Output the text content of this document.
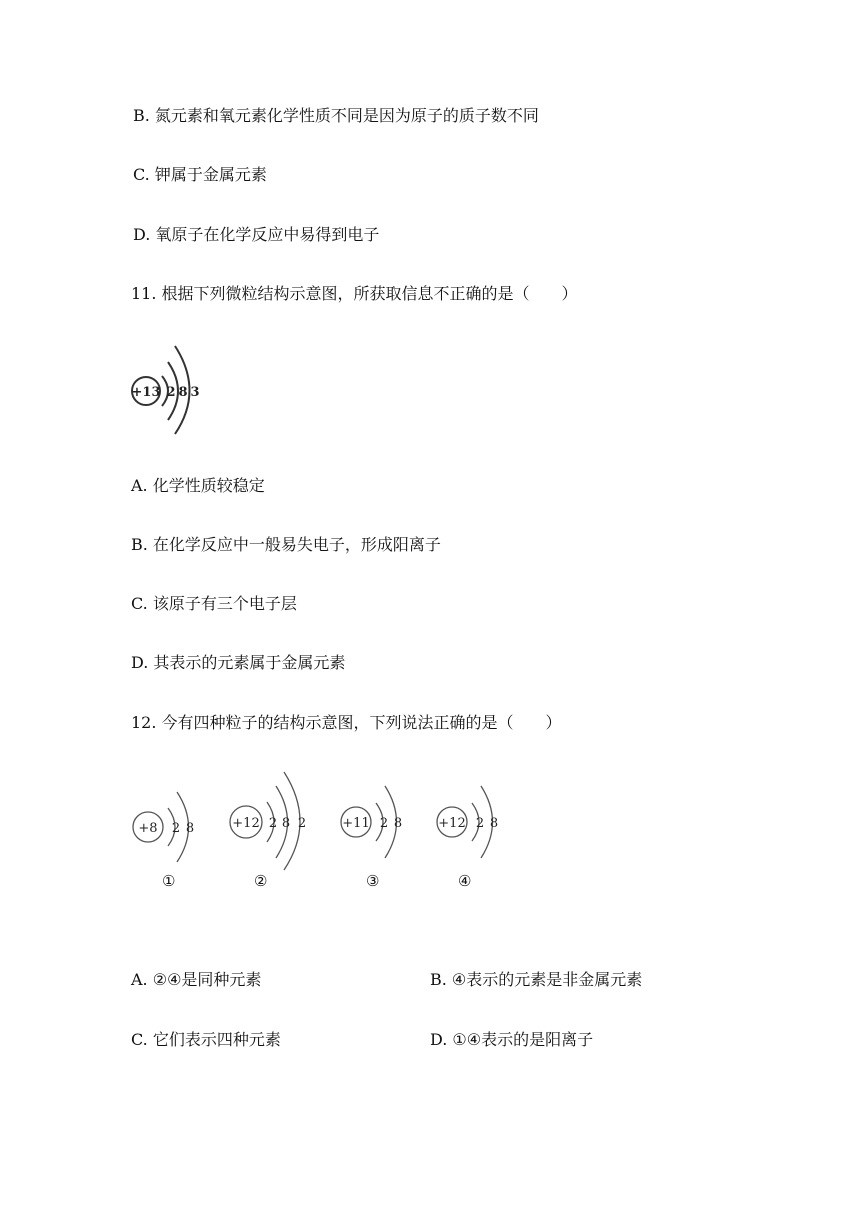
B. 氮元素和氧元素化学性质不同是因为原子的质子数不同
C. 钾属于金属元素
D. 氧原子在化学反应中易得到电子
11. 根据下列微粒结构示意图，所获取信息不正确的是（　　）
+13 2 8 3
A. 化学性质较稳定
B. 在化学反应中一般易失电子，形成阳离子
C. 该原子有三个电子层
D. 其表示的元素属于金属元素
12. 今有四种粒子的结构示意图，下列说法正确的是（　　）
+8 2 8	+12 2 8 2	+11 2 8	+12 2 8
①	②	③	④
A. ②④是同种元素	B. ④表示的元素是非金属元素
C. 它们表示四种元素	D. ①④表示的是阳离子
